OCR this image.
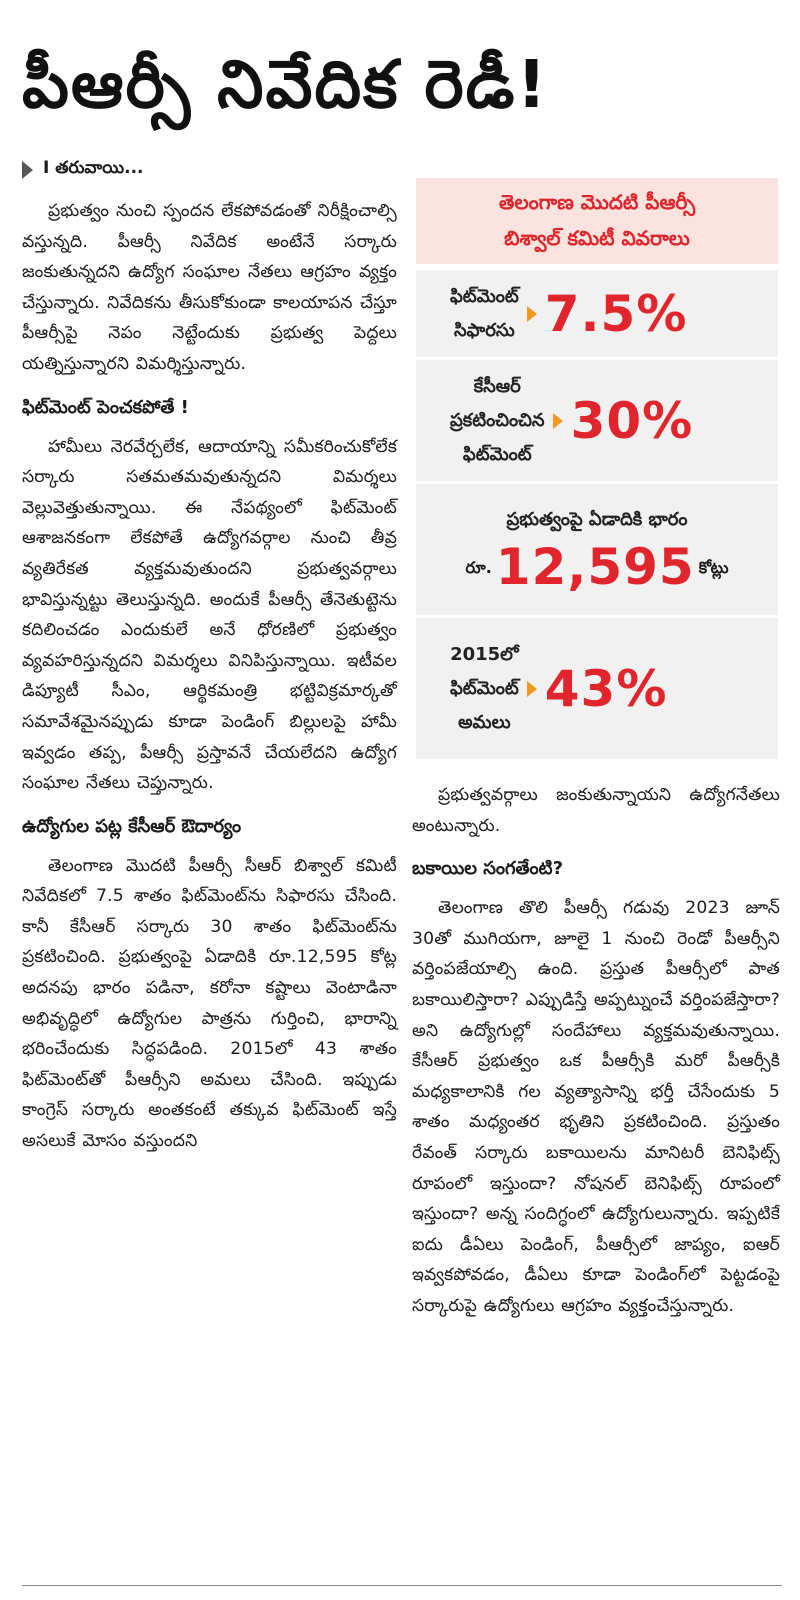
పీఆర్సీ నివేదిక రెడీ!
I తరువాయి...

ప్రభుత్వం నుంచి స్పందన లేకపోవడంతో నిరీక్షించాల్సి వస్తున్నది. పీఆర్సీ నివేదిక అంటేనే సర్కారు జంకుతున్నదని ఉద్యోగ సంఘాల నేతలు ఆగ్రహం వ్యక్తం చేస్తున్నారు. నివేదికను తీసుకోకుండా కాలయాపన చేస్తూ పీఆర్సీపై నెపం నెట్టేందుకు ప్రభుత్వ పెద్దలు యత్నిస్తున్నారని విమర్శిస్తున్నారు.

ఫిట్‌మెంట్ పెంచకపోతే !

హామీలు నెరవేర్చలేక, ఆదాయాన్ని సమీకరించుకోలేక సర్కారు సతమతమవుతున్నదని విమర్శలు వెల్లువెత్తుతున్నాయి. ఈ నేపథ్యంలో ఫిట్‌మెంట్ ఆశాజనకంగా లేకపోతే ఉద్యోగవర్గాల నుంచి తీవ్ర వ్యతిరేకత వ్యక్తమవుతుందని ప్రభుత్వవర్గాలు భావిస్తున్నట్టు తెలుస్తున్నది. అందుకే పీఆర్సీ తేనెతుట్టెను కదిలించడం ఎందుకులే అనే ధోరణిలో ప్రభుత్వం వ్యవహరిస్తున్నదని విమర్శలు వినిపిస్తున్నాయి. ఇటీవల డిప్యూటీ సీఎం, ఆర్థికమంత్రి భట్టివిక్రమార్కతో సమావేశమైనప్పుడు కూడా పెండింగ్ బిల్లులపై హామీ ఇవ్వడం తప్ప, పీఆర్సీ ప్రస్తావనే చేయలేదని ఉద్యోగ సంఘాల నేతలు చెప్తున్నారు.

ఉద్యోగుల పట్ల కేసీఆర్ ఔదార్యం

తెలంగాణ మొదటి పీఆర్సీ సీఆర్ బిశ్వాల్ కమిటీ నివేదికలో 7.5 శాతం ఫిట్‌మెంట్‌ను సిఫారసు చేసింది. కానీ కేసీఆర్ సర్కారు 30 శాతం ఫిట్‌మెంట్‌ను ప్రకటించింది. ప్రభుత్వంపై ఏడాదికి రూ.12,595 కోట్ల అదనపు భారం పడినా, కరోనా కష్టాలు వెంటాడినా అభివృద్ధిలో ఉద్యోగుల పాత్రను గుర్తించి, భారాన్ని భరించేందుకు సిద్ధపడింది. 2015లో 43 శాతం ఫిట్‌మెంట్‌తో పీఆర్సీని అమలు చేసింది. ఇప్పుడు కాంగ్రెస్ సర్కారు అంతకంటే తక్కువ ఫిట్‌మెంట్ ఇస్తే అసలుకే మోసం వస్తుందని

తెలంగాణ మొదటి పీఆర్సీ
బిశ్వాల్ కమిటీ వివరాలు
ఫిట్‌మెంట్
సిఫారసు 7.5%
కేసీఆర్
ప్రకటించించిన
ఫిట్‌మెంట్
30%
ప్రభుత్వంపై ఏడాదికి భారం
రూ. 12,595 కోట్లు
2015లో
ఫిట్‌మెంట్
అమలు
43%

ప్రభుత్వవర్గాలు జంకుతున్నాయని ఉద్యోగనేతలు అంటున్నారు.

బకాయిల సంగతేంటి?

తెలంగాణ తొలి పీఆర్సీ గడువు 2023 జూన్ 30తో ముగియగా, జూలై 1 నుంచి రెండో పీఆర్సీని వర్తింపజేయాల్సి ఉంది. ప్రస్తుత పీఆర్సీలో పాత బకాయిలిస్తారా? ఎప్పుడిస్తే అప్పట్నుంచే వర్తింపజేస్తారా? అని ఉద్యోగుల్లో సందేహాలు వ్యక్తమవుతున్నాయి. కేసీఆర్ ప్రభుత్వం ఒక పీఆర్సీకి మరో పీఆర్సీకి మధ్యకాలానికి గల వ్యత్యాసాన్ని భర్తీ చేసేందుకు 5 శాతం మధ్యంతర భృతిని ప్రకటించింది. ప్రస్తుతం రేవంత్ సర్కారు బకాయిలను మానిటరీ బెనిఫిట్స్ రూపంలో ఇస్తుందా? నోషనల్ బెనిఫిట్స్ రూపంలో ఇస్తుందా? అన్న సందిగ్ధంలో ఉద్యోగులున్నారు. ఇప్పటికే ఐదు డీఏలు పెండింగ్, పీఆర్సీలో జాప్యం, ఐఆర్ ఇవ్వకపోవడం, డీఏలు కూడా పెండింగ్‌లో పెట్టడంపై సర్కారుపై ఉద్యోగులు ఆగ్రహం వ్యక్తంచేస్తున్నారు.
